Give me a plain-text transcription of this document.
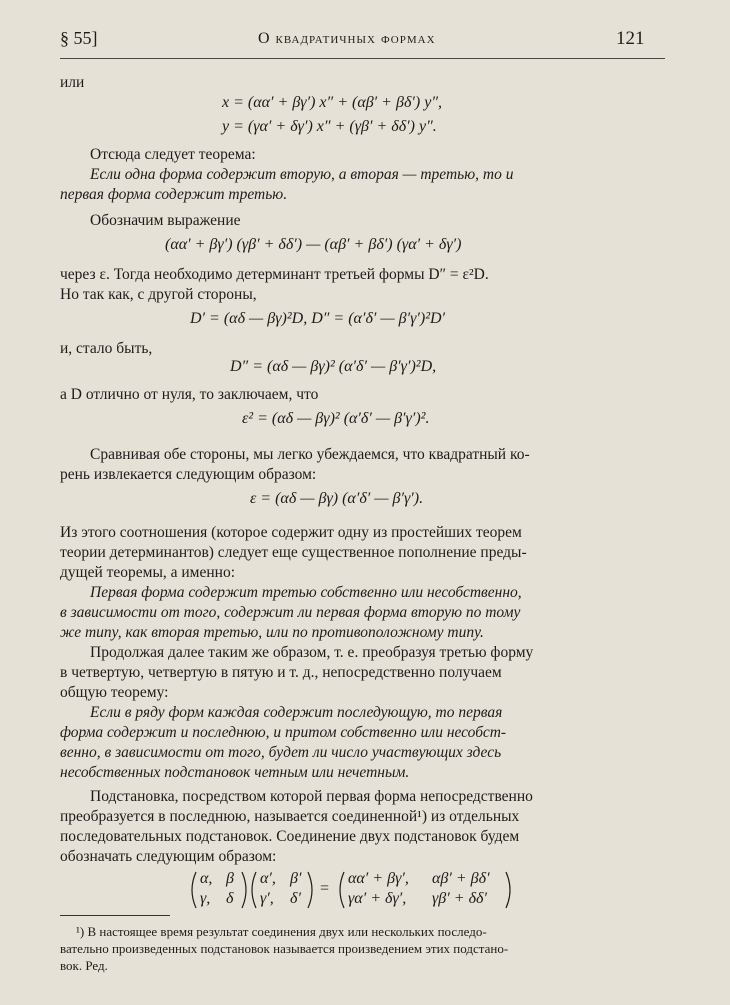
§ 55]	О квадратичных формах	121
или
x = (αα′ + βγ′) x″ + (αβ′ + βδ′) y″,
y = (γα′ + δγ′) x″ + (γβ′ + δδ′) y″.
Отсюда следует теорема:
Если одна форма содержит вторую, а вторая — третью, то и
первая форма содержит третью.
Обозначим выражение
(αα′ + βγ′) (γβ′ + δδ′) — (αβ′ + βδ′) (γα′ + δγ′)
через ε. Тогда необходимо детерминант третьей формы D″ = ε²D.
Но так как, с другой стороны,
D′ = (αδ — βγ)²D, D″ = (α′δ′ — β′γ′)²D′
и, стало быть,
D″ = (αδ — βγ)² (α′δ′ — β′γ′)²D,
а D отлично от нуля, то заключаем, что
ε² = (αδ — βγ)² (α′δ′ — β′γ′)².
Сравнивая обе стороны, мы легко убеждаемся, что квадратный ко-
рень извлекается следующим образом:
ε = (αδ — βγ) (α′δ′ — β′γ′).
Из этого соотношения (которое содержит одну из простейших теорем
теории детерминантов) следует еще существенное пополнение преды-
дущей теоремы, а именно:
Первая форма содержит третью собственно или несобственно,
в зависимости от того, содержит ли первая форма вторую по тому
же типу, как вторая третью, или по противоположному типу.
Продолжая далее таким же образом, т. е. преобразуя третью форму
в четвертую, четвертую в пятую и т. д., непосредственно получаем
общую теорему:
Если в ряду форм каждая содержит последующую, то первая
форма содержит и последнюю, и притом собственно или несобст-
венно, в зависимости от того, будет ли число участвующих здесь
несобственных подстановок четным или нечетным.
Подстановка, посредством которой первая форма непосредственно
преобразуется в последнюю, называется соединенной¹) из отдельных
последовательных подстановок. Соединение двух подстановок будем
обозначать следующим образом:
α, β
γ, δ
α′, β′
γ′, δ′
=
αα′ + βγ′, αβ′ + βδ′
γα′ + δγ′, γβ′ + δδ′
¹) В настоящее время результат соединения двух или нескольких последо-
вательно произведенных подстановок называется произведением этих подстано-
вок. Ред.
